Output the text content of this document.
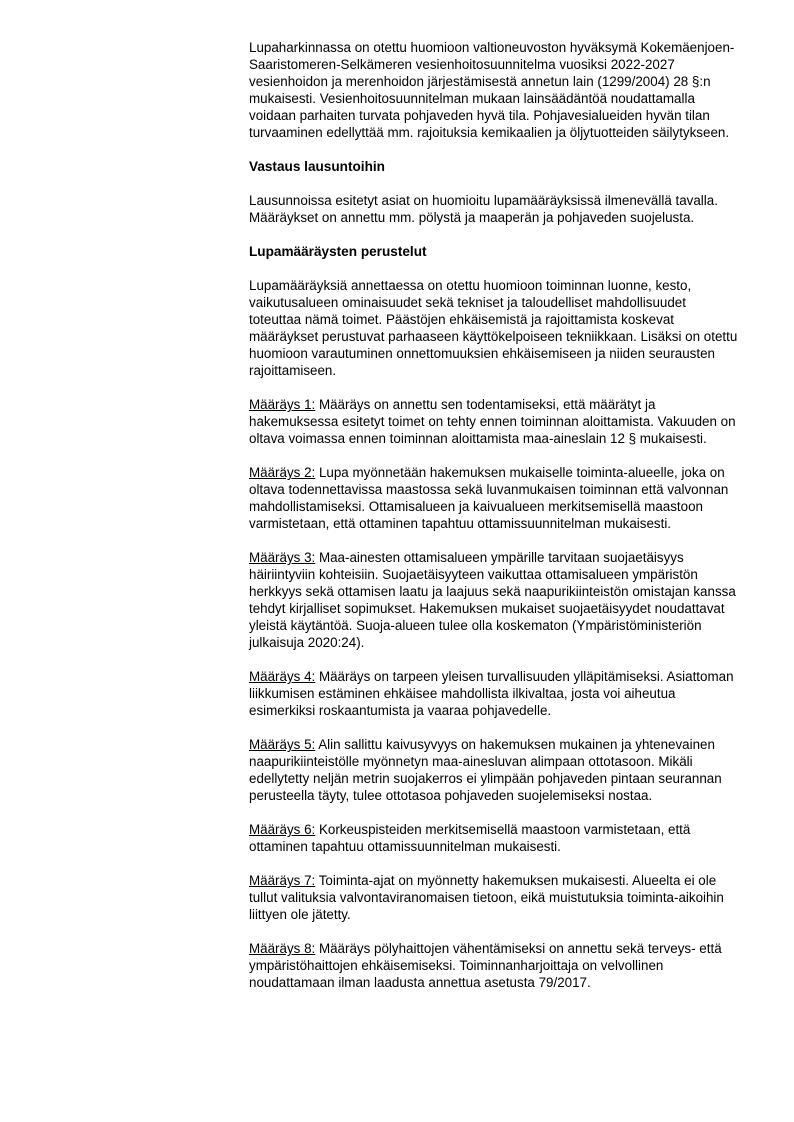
Lupaharkinnassa on otettu huomioon valtioneuvoston hyväksymä Kokemäenjoen-Saaristomeren-Selkämeren vesienhoitosuunnitelma vuosiksi 2022-2027 vesienhoidon ja merenhoidon järjestämisestä annetun lain (1299/2004) 28 §:n mukaisesti. Vesienhoitosuunnitelman mukaan lainsäädäntöä noudattamalla voidaan parhaiten turvata pohjaveden hyvä tila. Pohjavesialueiden hyvän tilan turvaaminen edellyttää mm. rajoituksia kemikaalien ja öljytuotteiden säilytykseen.

Vastaus lausuntoihin

Lausunnoissa esitetyt asiat on huomioitu lupamääräyksissä ilmenevällä tavalla. Määräykset on annettu mm. pölystä ja maaperän ja pohjaveden suojelusta.

Lupamääräysten perustelut

Lupamääräyksiä annettaessa on otettu huomioon toiminnan luonne, kesto, vaikutusalueen ominaisuudet sekä tekniset ja taloudelliset mahdollisuudet toteuttaa nämä toimet. Päästöjen ehkäisemistä ja rajoittamista koskevat määräykset perustuvat parhaaseen käyttökelpoiseen tekniikkaan. Lisäksi on otettu huomioon varautuminen onnettomuuksien ehkäisemiseen ja niiden seurausten rajoittamiseen.

Määräys 1: Määräys on annettu sen todentamiseksi, että määrätyt ja hakemuksessa esitetyt toimet on tehty ennen toiminnan aloittamista. Vakuuden on oltava voimassa ennen toiminnan aloittamista maa-aineslain 12 § mukaisesti.

Määräys 2: Lupa myönnetään hakemuksen mukaiselle toiminta-alueelle, joka on oltava todennettavissa maastossa sekä luvanmukaisen toiminnan että valvonnan mahdollistamiseksi. Ottamisalueen ja kaivualueen merkitsemisellä maastoon varmistetaan, että ottaminen tapahtuu ottamissuunnitelman mukaisesti.

Määräys 3: Maa-ainesten ottamisalueen ympärille tarvitaan suojaetäisyys häiriintyviin kohteisiin. Suojaetäisyyteen vaikuttaa ottamisalueen ympäristön herkkyys sekä ottamisen laatu ja laajuus sekä naapurikiinteistön omistajan kanssa tehdyt kirjalliset sopimukset. Hakemuksen mukaiset suojaetäisyydet noudattavat yleistä käytäntöä. Suoja-alueen tulee olla koskematon (Ympäristöministeriön julkaisuja 2020:24).

Määräys 4: Määräys on tarpeen yleisen turvallisuuden ylläpitämiseksi. Asiattoman liikkumisen estäminen ehkäisee mahdollista ilkivaltaa, josta voi aiheutua esimerkiksi roskaantumista ja vaaraa pohjavedelle.

Määräys 5: Alin sallittu kaivusyvyys on hakemuksen mukainen ja yhtenevainen naapurikiinteistölle myönnetyn maa-ainesluvan alimpaan ottotasoon. Mikäli edellytetty neljän metrin suojakerros ei ylimpään pohjaveden pintaan seurannan perusteella täyty, tulee ottotasoa pohjaveden suojelemiseksi nostaa.

Määräys 6: Korkeuspisteiden merkitsemisellä maastoon varmistetaan, että ottaminen tapahtuu ottamissuunnitelman mukaisesti.

Määräys 7: Toiminta-ajat on myönnetty hakemuksen mukaisesti. Alueelta ei ole tullut valituksia valvontaviranomaisen tietoon, eikä muistutuksia toiminta-aikoihin liittyen ole jätetty.

Määräys 8: Määräys pölyhaittojen vähentämiseksi on annettu sekä terveys- että ympäristöhaittojen ehkäisemiseksi. Toiminnanharjoittaja on velvollinen noudattamaan ilman laadusta annettua asetusta 79/2017.
